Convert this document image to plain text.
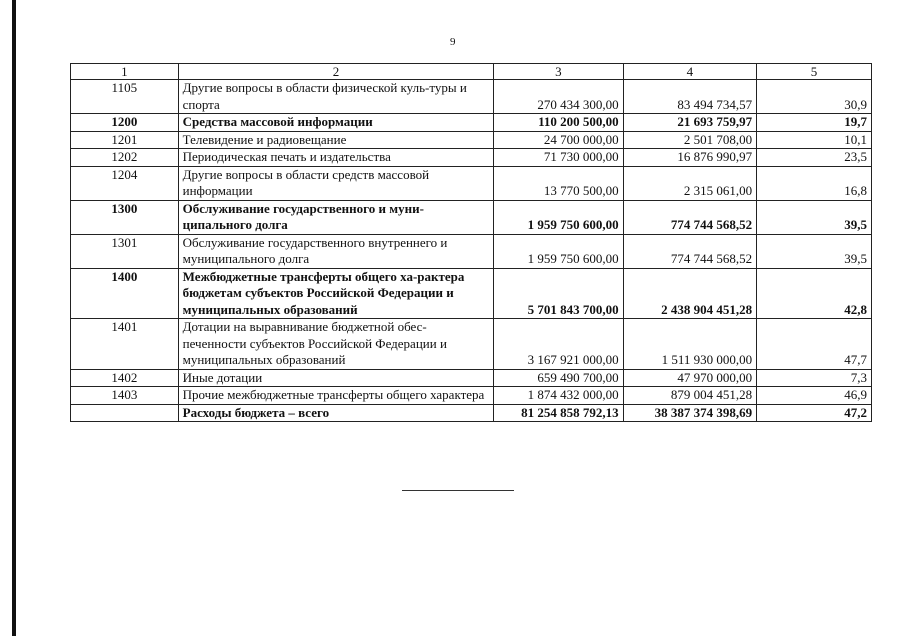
9
1	2	3	4	5
1105	Другие вопросы в области физической куль-туры и спорта	270 434 300,00	83 494 734,57	30,9
1200	Средства массовой информации	110 200 500,00	21 693 759,97	19,7
1201	Телевидение и радиовещание	24 700 000,00	2 501 708,00	10,1
1202	Периодическая печать и издательства	71 730 000,00	16 876 990,97	23,5
1204	Другие вопросы в области средств массовой информации	13 770 500,00	2 315 061,00	16,8
1300	Обслуживание государственного и муни-ципального долга	1 959 750 600,00	774 744 568,52	39,5
1301	Обслуживание государственного внутреннего и муниципального долга	1 959 750 600,00	774 744 568,52	39,5
1400	Межбюджетные трансферты общего ха-рактера бюджетам субъектов Российской Федерации и муниципальных образований	5 701 843 700,00	2 438 904 451,28	42,8
1401	Дотации на выравнивание бюджетной обес-печенности субъектов Российской Федерации и муниципальных образований	3 167 921 000,00	1 511 930 000,00	47,7
1402	Иные дотации	659 490 700,00	47 970 000,00	7,3
1403	Прочие межбюджетные трансферты общего характера	1 874 432 000,00	879 004 451,28	46,9
	Расходы бюджета – всего	81 254 858 792,13	38 387 374 398,69	47,2
